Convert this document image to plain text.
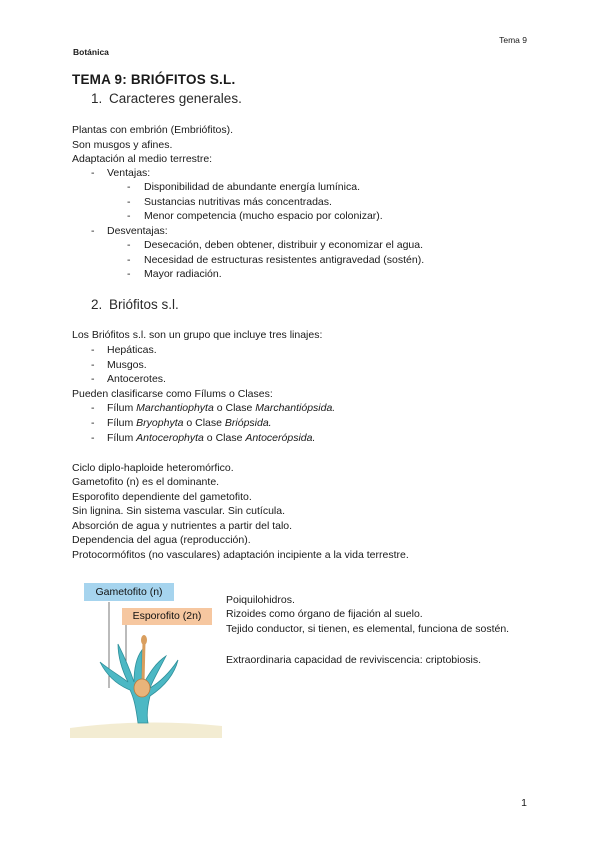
Botánica
Tema 9
TEMA 9: BRIÓFITOS S.L.
1. Caracteres generales.
Plantas con embrión (Embriófitos).
Son musgos y afines.
Adaptación al medio terrestre:
- Ventajas:
- Disponibilidad de abundante energía lumínica.
- Sustancias nutritivas más concentradas.
- Menor competencia (mucho espacio por colonizar).
- Desventajas:
- Desecación, deben obtener, distribuir y economizar el agua.
- Necesidad de estructuras resistentes antigravedad (sostén).
- Mayor radiación.
2. Briófitos s.l.
Los Briófitos s.l. son un grupo que incluye tres linajes:
- Hepáticas.
- Musgos.
- Antocerotes.
Pueden clasificarse como Fílums o Clases:
- Fílum Marchantiophyta o Clase Marchantiópsida.
- Fílum Bryophyta o Clase Briópsida.
- Fílum Antocerophyta o Clase Antocerópsida.
Ciclo diplo-haploide heteromórfico.
Gametofito (n) es el dominante.
Esporofito dependiente del gametofito.
Sin lignina. Sin sistema vascular. Sin cutícula.
Absorción de agua y nutrientes a partir del talo.
Dependencia del agua (reproducción).
Protocormófitos (no vasculares) adaptación incipiente a la vida terrestre.
Gametofito (n)
Esporofito (2n)
Poiquilohidros.
Rizoides como órgano de fijación al suelo.
Tejido conductor, si tienen, es elemental, funciona de sostén.
Extraordinaria capacidad de reviviscencia: criptobiosis.
1
